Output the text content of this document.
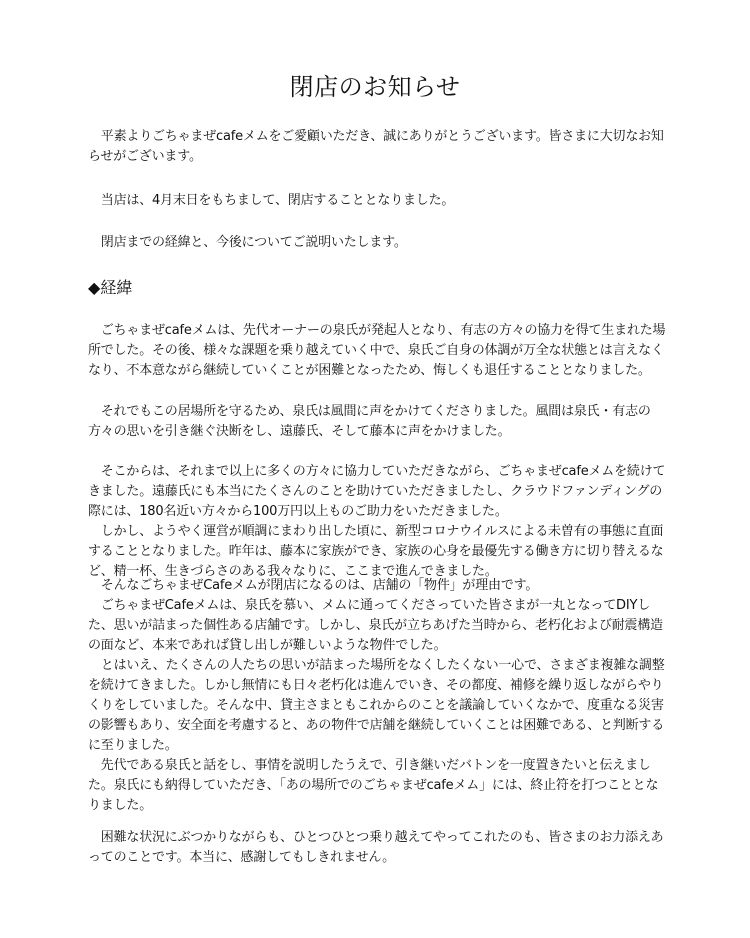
閉店のお知らせ

　平素よりごちゃまぜcafeメムをご愛顧いただき、誠にありがとうございます。皆さまに大切なお知らせがございます。

　当店は、4月末日をもちまして、閉店することとなりました。

　閉店までの経緯と、今後についてご説明いたします。

◆経緯

　ごちゃまぜcafeメムは、先代オーナーの泉氏が発起人となり、有志の方々の協力を得て生まれた場所でした。その後、様々な課題を乗り越えていく中で、泉氏ご自身の体調が万全な状態とは言えなくなり、不本意ながら継続していくことが困難となったため、悔しくも退任することとなりました。

　それでもこの居場所を守るため、泉氏は風間に声をかけてくださりました。風間は泉氏・有志の方々の思いを引き継ぐ決断をし、遠藤氏、そして藤本に声をかけました。

　そこからは、それまで以上に多くの方々に協力していただきながら、ごちゃまぜcafeメムを続けてきました。遠藤氏にも本当にたくさんのことを助けていただきましたし、クラウドファンディングの際には、180名近い方々から100万円以上ものご助力をいただきました。

　しかし、ようやく運営が順調にまわり出した頃に、新型コロナウイルスによる未曽有の事態に直面することとなりました。昨年は、藤本に家族ができ、家族の心身を最優先する働き方に切り替えるなど、精一杯、生きづらさのある我々なりに、ここまで進んできました。

　そんなごちゃまぜCafeメムが閉店になるのは、店舗の「物件」が理由です。

　ごちゃまぜCafeメムは、泉氏を慕い、メムに通ってくださっていた皆さまが一丸となってDIYした、思いが詰まった個性ある店舗です。しかし、泉氏が立ちあげた当時から、老朽化および耐震構造の面など、本来であれば貸し出しが難しいような物件でした。

　とはいえ、たくさんの人たちの思いが詰まった場所をなくしたくない一心で、さまざま複雑な調整を続けてきました。しかし無情にも日々老朽化は進んでいき、その都度、補修を繰り返しながらやりくりをしていました。そんな中、貸主さまともこれからのことを議論していくなかで、度重なる災害の影響もあり、安全面を考慮すると、あの物件で店舗を継続していくことは困難である、と判断するに至りました。

　先代である泉氏と話をし、事情を説明したうえで、引き継いだバトンを一度置きたいと伝えました。泉氏にも納得していただき、「あの場所でのごちゃまぜcafeメム」には、終止符を打つこととなりました。

　困難な状況にぶつかりながらも、ひとつひとつ乗り越えてやってこれたのも、皆さまのお力添えあってのことです。本当に、感謝してもしきれません。
